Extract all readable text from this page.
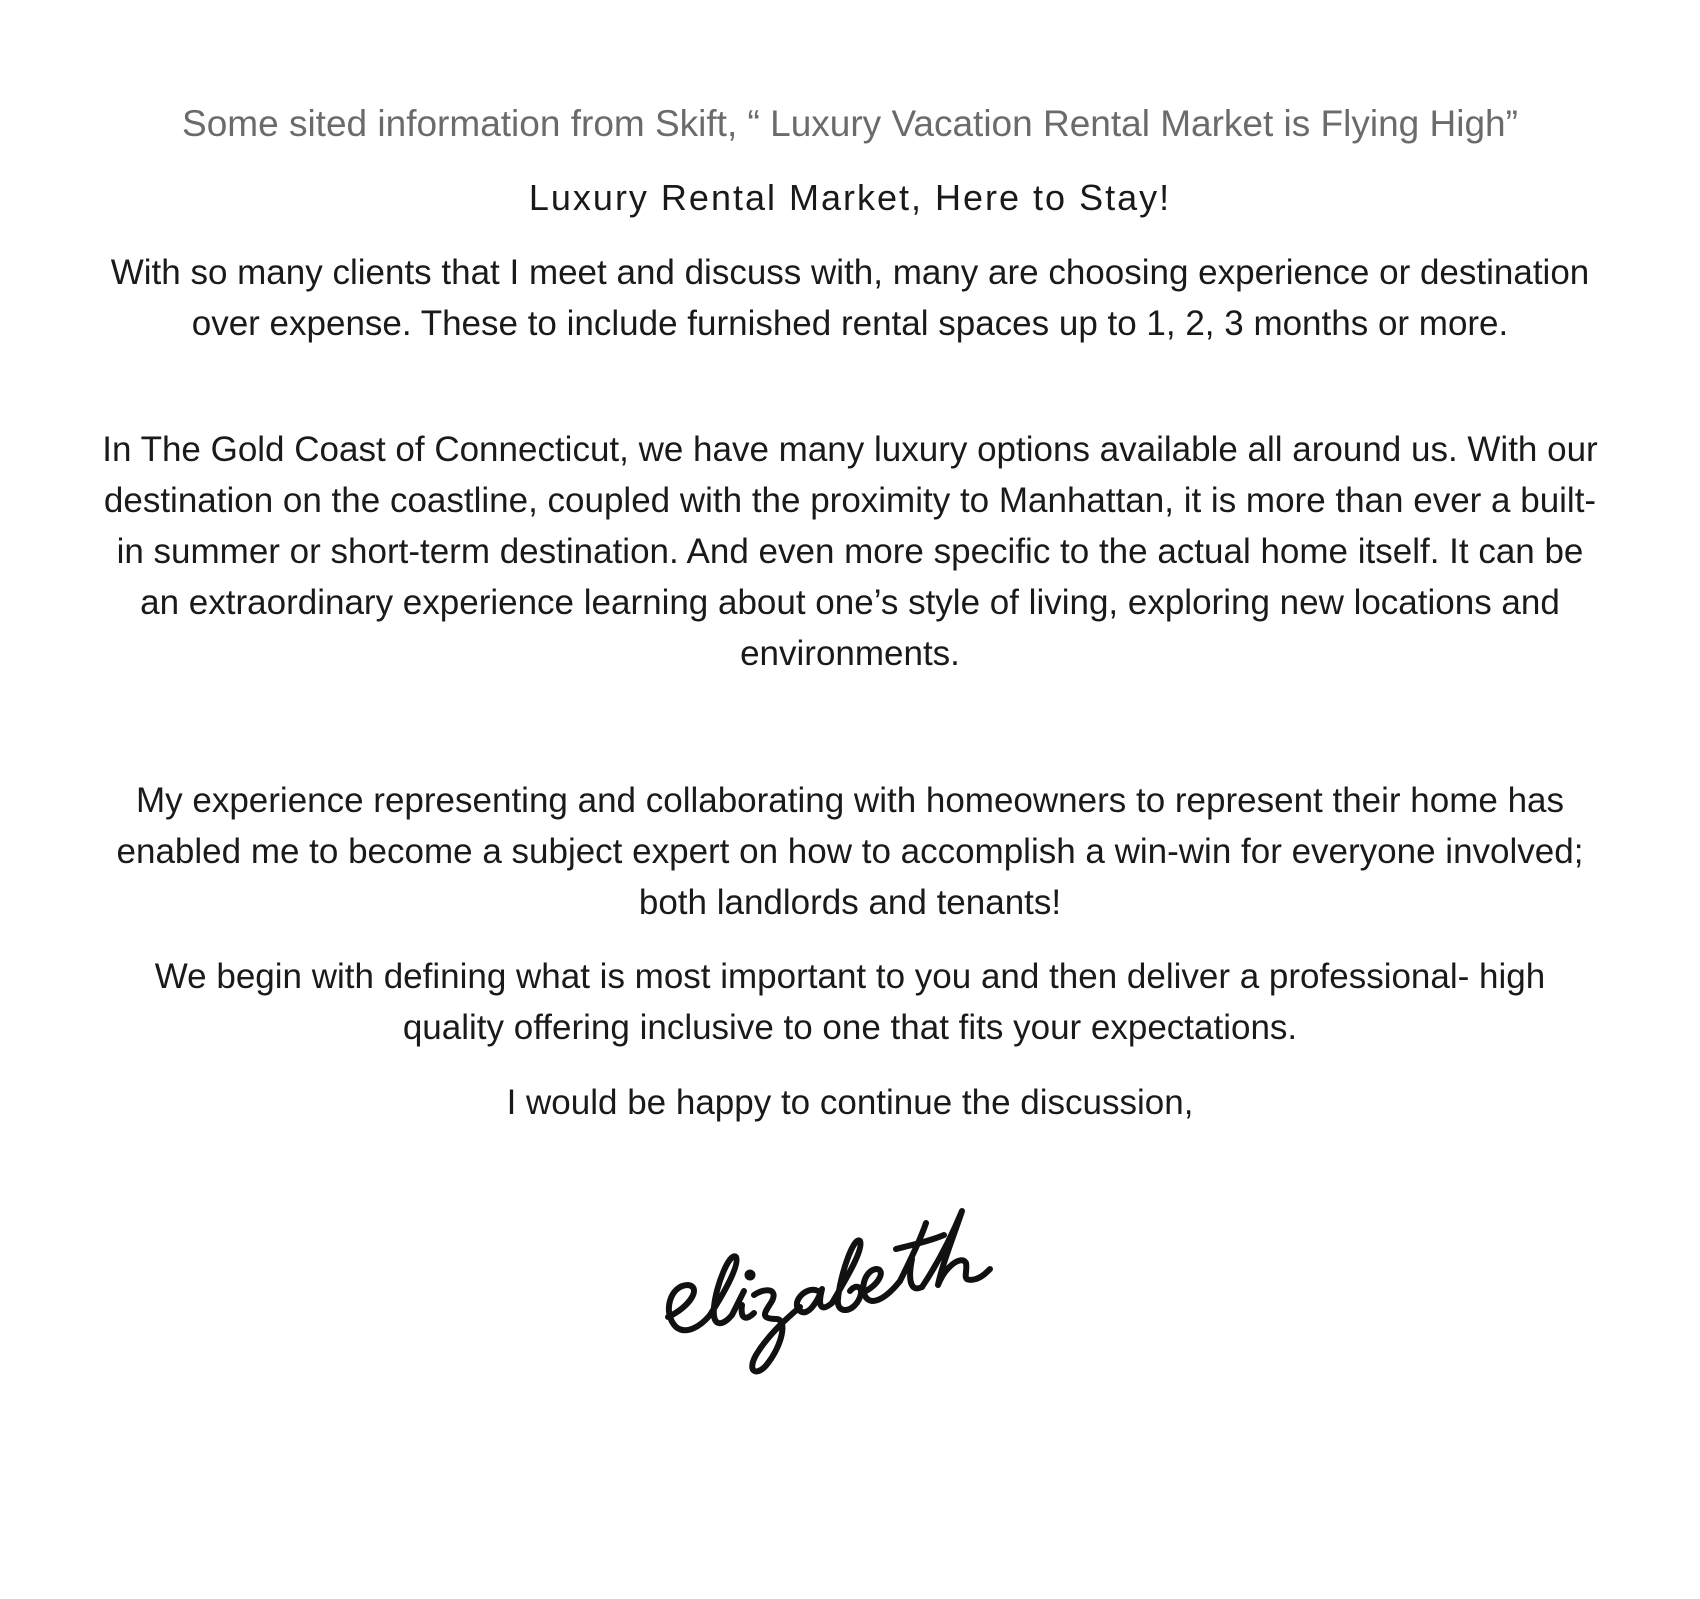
Some sited information from Skift, “ Luxury Vacation Rental Market is Flying High”
Luxury Rental Market, Here to Stay!
With so many clients that I meet and discuss with, many are choosing experience or destination over expense. These to include furnished rental spaces up to 1, 2, 3 months or more.
In The Gold Coast of Connecticut, we have many luxury options available all around us. With our destination on the coastline, coupled with the proximity to Manhattan, it is more than ever a built- in summer or short-term destination. And even more specific to the actual home itself. It can be an extraordinary experience learning about one’s style of living, exploring new locations and environments.
My experience representing and collaborating with homeowners to represent their home has enabled me to become a subject expert on how to accomplish a win-win for everyone involved; both landlords and tenants!
We begin with defining what is most important to you and then deliver a professional- high quality offering inclusive to one that fits your expectations.
I would be happy to continue the discussion,
